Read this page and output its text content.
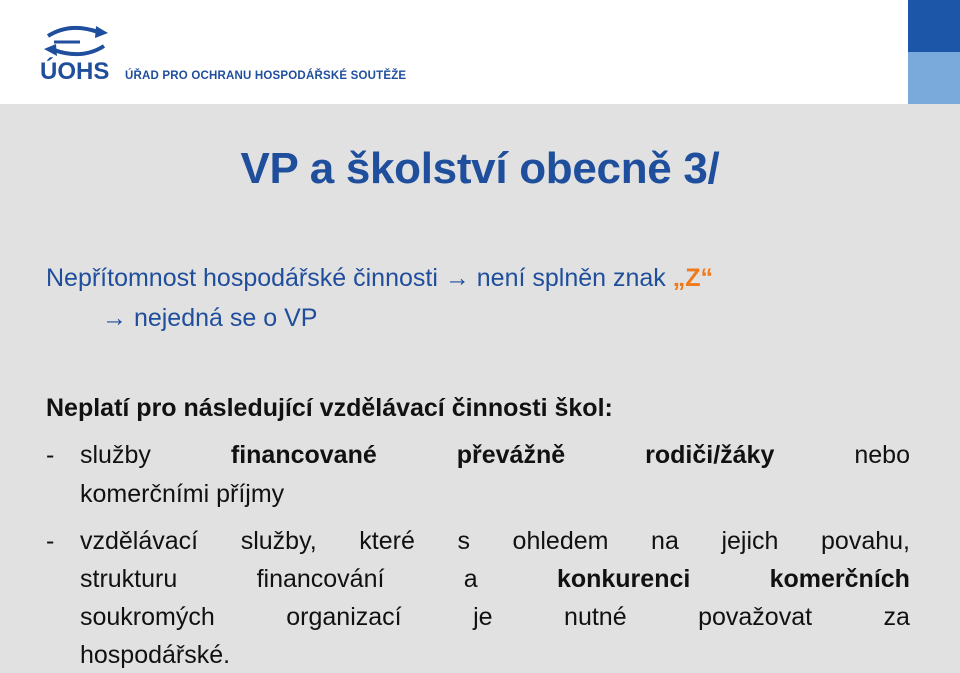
ÚOHS ÚŘAD PRO OCHRANU HOSPODÁŘSKÉ SOUTĚŽE
VP a školství obecně 3/
Nepřítomnost hospodářské činnosti → není splněn znak „Z“
→ nejedná se o VP
Neplatí pro následující vzdělávací činnosti škol:
- služby	financované	převážně	rodiči/žáky	nebo
komerčními příjmy
- vzdělávací služby, které s ohledem na jejich povahu,
strukturu	financování	a	konkurenci	komerčních
soukromých	organizací	je	nutné	považovat	za
hospodářské.
